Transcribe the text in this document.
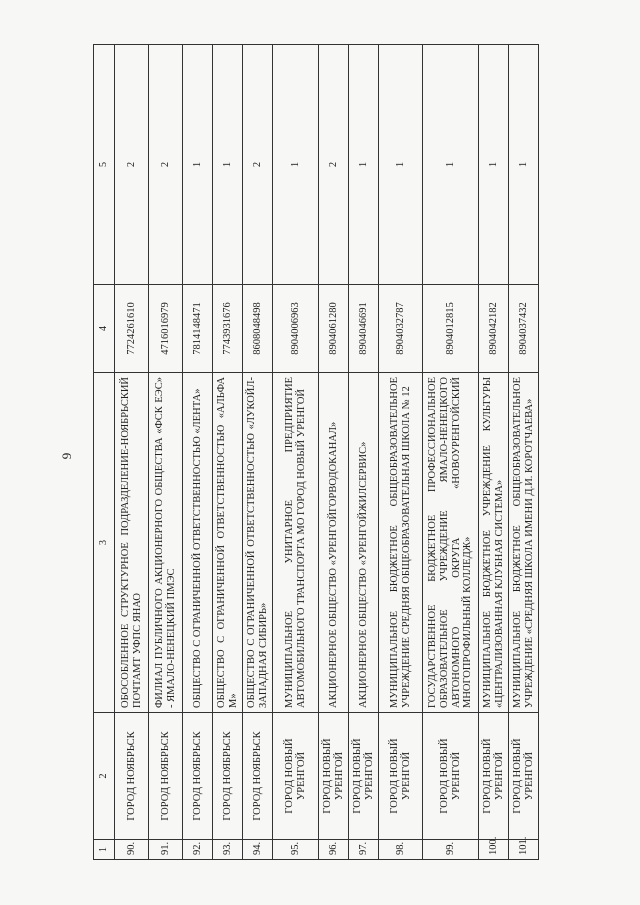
9
1	2	3	4	5
90.	ГОРОД НОЯБРЬСК	ОБОСОБЛЕННОЕ СТРУКТУРНОЕ ПОДРАЗДЕЛЕНИЕ-НОЯБРЬСКИЙ ПОЧТАМТ УФПС ЯНАО	7724261610	2
91.	ГОРОД НОЯБРЬСК	ФИЛИАЛ ПУБЛИЧНОГО АКЦИОНЕРНОГО ОБЩЕСТВА «ФСК ЕЭС» - ЯМАЛО-НЕНЕЦКИЙ ПМЭС	4716016979	2
92.	ГОРОД НОЯБРЬСК	ОБЩЕСТВО С ОГРАНИЧЕННОЙ ОТВЕТСТВЕННОСТЬЮ «ЛЕНТА»	7814148471	1
93.	ГОРОД НОЯБРЬСК	ОБЩЕСТВО С ОГРАНИЧЕННОЙ ОТВЕТСТВЕННОСТЬЮ «АЛЬФА М»	7743931676	1
94.	ГОРОД НОЯБРЬСК	ОБЩЕСТВО С ОГРАНИЧЕННОЙ ОТВЕТСТВЕННОСТЬЮ «ЛУКОЙЛ-ЗАПАДНАЯ СИБИРЬ»	8608048498	2
95.	ГОРОД НОВЫЙ УРЕНГОЙ	МУНИЦИПАЛЬНОЕ УНИТАРНОЕ ПРЕДПРИЯТИЕ АВТОМОБИЛЬНОГО ТРАНСПОРТА МО ГОРОД НОВЫЙ УРЕНГОЙ	8904006963	1
96.	ГОРОД НОВЫЙ УРЕНГОЙ	АКЦИОНЕРНОЕ ОБЩЕСТВО «УРЕНГОЙГОРВОДОКАНАЛ»	8904061280	2
97.	ГОРОД НОВЫЙ УРЕНГОЙ	АКЦИОНЕРНОЕ ОБЩЕСТВО «УРЕНГОЙЖИЛСЕРВИС»	8904046691	1
98.	ГОРОД НОВЫЙ УРЕНГОЙ	МУНИЦИПАЛЬНОЕ БЮДЖЕТНОЕ ОБЩЕОБРАЗОВАТЕЛЬНОЕ УЧРЕЖДЕНИЕ СРЕДНЯЯ ОБЩЕОБРАЗОВАТЕЛЬНАЯ ШКОЛА № 12	8904032787	1
99.	ГОРОД НОВЫЙ УРЕНГОЙ	ГОСУДАРСТВЕННОЕ БЮДЖЕТНОЕ ПРОФЕССИОНАЛЬНОЕ ОБРАЗОВАТЕЛЬНОЕ УЧРЕЖДЕНИЕ ЯМАЛО-НЕНЕЦКОГО АВТОНОМНОГО ОКРУГА «НОВОУРЕНГОЙСКИЙ МНОГОПРОФИЛЬНЫЙ КОЛЛЕДЖ»	8904012815	1
100.	ГОРОД НОВЫЙ УРЕНГОЙ	МУНИЦИПАЛЬНОЕ БЮДЖЕТНОЕ УЧРЕЖДЕНИЕ КУЛЬТУРЫ «ЦЕНТРАЛИЗОВАННАЯ КЛУБНАЯ СИСТЕМА»	8904042182	1
101.	ГОРОД НОВЫЙ УРЕНГОЙ	МУНИЦИПАЛЬНОЕ БЮДЖЕТНОЕ ОБЩЕОБРАЗОВАТЕЛЬНОЕ УЧРЕЖДЕНИЕ «СРЕДНЯЯ ШКОЛА ИМЕНИ Д.И. КОРОТЧАЕВА»	8904037432	1
